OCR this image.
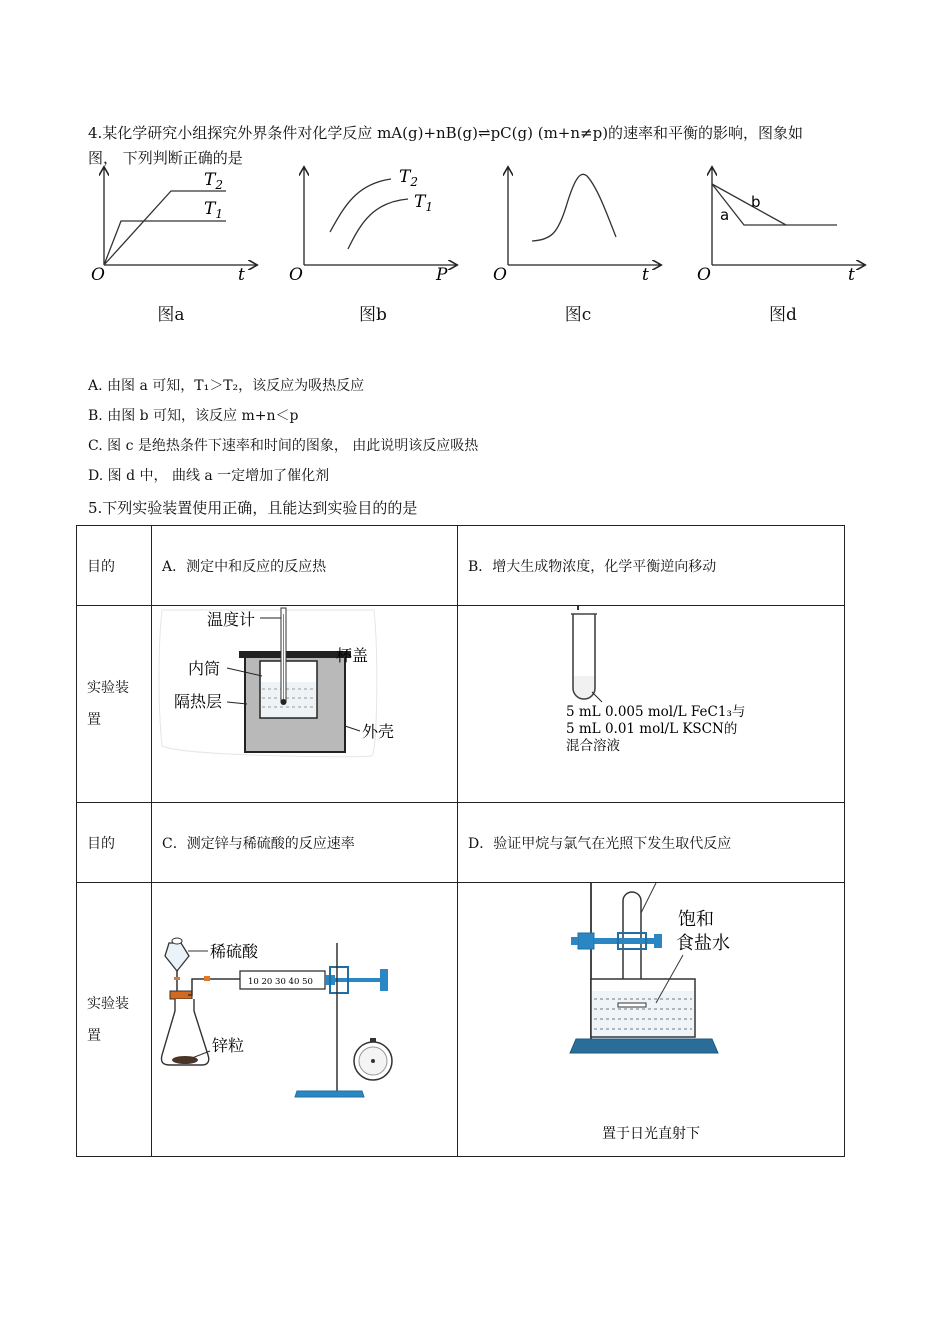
4.某化学研究小组探究外界条件对化学反应 mA(g)+nB(g)⇌pC(g) (m+n≠p)的速率和平衡的影响，图象如
图， 下列判断正确的是
$T_2$
$T_1$
O	t
图a
$T_2$
$T_1$
O	P
图b
O	t
图c
a
b
O	t
图d
A. 由图 a 可知，T₁＞T₂，该反应为吸热反应
B. 由图 b 可知，该反应 m+n＜p
C. 图 c 是绝热条件下速率和时间的图象， 由此说明该反应吸热
D. 图 d 中， 曲线 a 一定增加了催化剂
5.下列实验装置使用正确，且能达到实验目的的是
目的	A．测定中和反应的反应热	B．增大生成物浓度，化学平衡逆向移动

实验装置	温度计
杯盖
内筒
隔热层
外壳	5 mL 0.005 mol/L FeC1₃与
5 mL 0.01 mol/L KSCN的
混合溶液

目的	C．测定锌与稀硫酸的反应速率	D．验证甲烷与氯气在光照下发生取代反应

实验装置	10 20 30 40 50
稀硫酸
锌粒	饱和
食盐水
置于日光直射下
